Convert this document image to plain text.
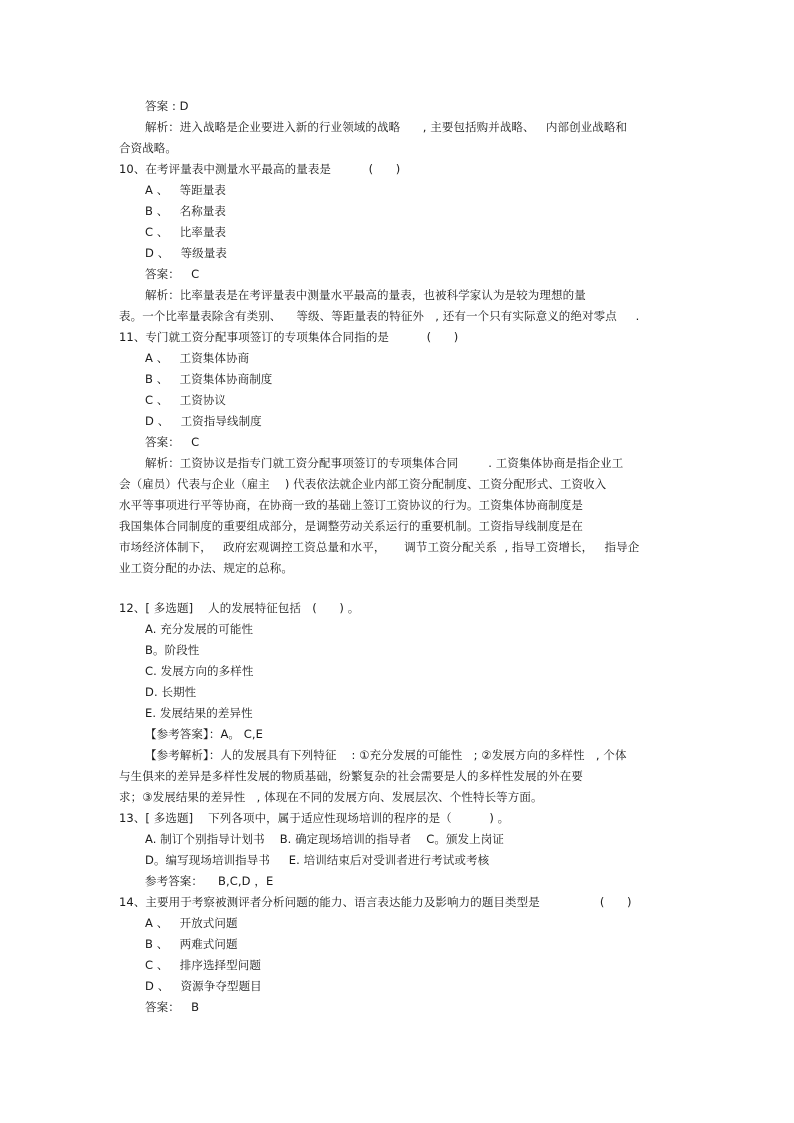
答案 : D
解析：进入战略是企业要进入新的行业领域的战略      , 主要包括购并战略、   内部创业战略和
合资战略。
10、在考评量表中测量水平最高的量表是          (      )
A 、   等距量表
B 、   名称量表
C 、   比率量表
D 、   等级量表
答案：   C
解析：比率量表是在考评量表中测量水平最高的量表，也被科学家认为是较为理想的量
表。一个比率量表除含有类别、    等级、等距量表的特征外   , 还有一个只有实际意义的绝对零点     .
11、专门就工资分配事项签订的专项集体合同指的是          (      )
A 、   工资集体协商
B 、   工资集体协商制度
C 、   工资协议
D 、   工资指导线制度
答案：   C
解析：工资协议是指专门就工资分配事项签订的专项集体合同        . 工资集体协商是指企业工
会（雇员）代表与企业（雇主    ) 代表依法就企业内部工资分配制度、工资分配形式、工资收入
水平等事项进行平等协商，在协商一致的基础上签订工资协议的行为。工资集体协商制度是
我国集体合同制度的重要组成部分，是调整劳动关系运行的重要机制。工资指导线制度是在
市场经济体制下，   政府宏观调控工资总量和水平，     调节工资分配关系  , 指导工资增长，   指导企
业工资分配的办法、规定的总称。
12、[ 多选题]    人的发展特征包括   (      ) 。
A. 充分发展的可能性
B。阶段性
C. 发展方向的多样性
D. 长期性
E. 发展结果的差异性
【参考答案】：A。 C,E
【参考解析】：人的发展具有下列特征    : ①充分发展的可能性   ; ②发展方向的多样性   , 个体
与生俱来的差异是多样性发展的物质基础，纷繁复杂的社会需要是人的多样性发展的外在要
求；③发展结果的差异性   , 体现在不同的发展方向、发展层次、个性特长等方面。
13、[ 多选题]    下列各项中，属于适应性现场培训的程序的是（          ) 。
A. 制订个别指导计划书    B. 确定现场培训的指导者    C。颁发上岗证
D。编写现场培训指导书     E. 培训结束后对受训者进行考试或考核
参考答案：    B,C,D ，E
14、主要用于考察被测评者分析问题的能力、语言表达能力及影响力的题目类型是                (      )
A 、   开放式问题
B 、   两难式问题
C 、   排序选择型问题
D 、   资源争夺型题目
答案：   B
